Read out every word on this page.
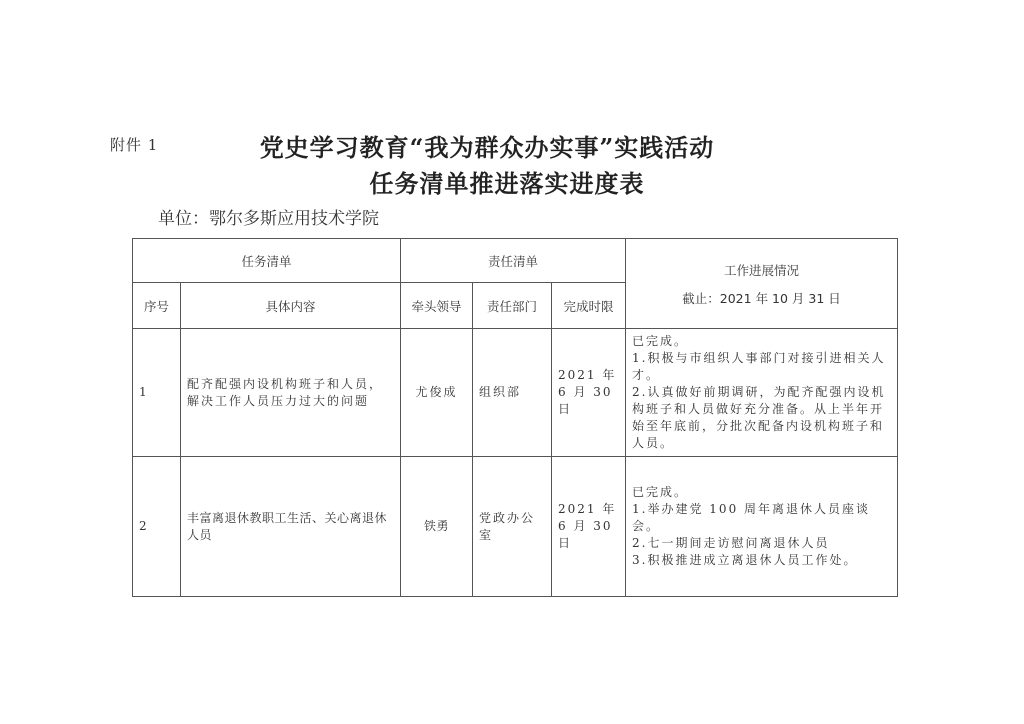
附件 1	党史学习教育“我为群众办实事”实践活动
任务清单推进落实进度表
单位：鄂尔多斯应用技术学院
任务清单		责任清单			工作进展情况
截止：2021 年 10 月 31 日

序号	具体内容	牵头领导	责任部门	完成时限	
1	配齐配强内设机构班子和人员，解决工作人员压力过大的问题	尤俊成	组织部	2021 年 6 月 30 日	已完成。
1.积极与市组织人事部门对接引进相关人才。
2.认真做好前期调研，为配齐配强内设机构班子和人员做好充分准备。从上半年开始至年底前，分批次配备内设机构班子和人员。

2	丰富离退休教职工生活、关心离退休人员	铁勇	党政办公室	2021 年 6 月 30 日	已完成。
1.举办建党 100 周年离退休人员座谈会。
2.七一期间走访慰问离退休人员
3.积极推进成立离退休人员工作处。
